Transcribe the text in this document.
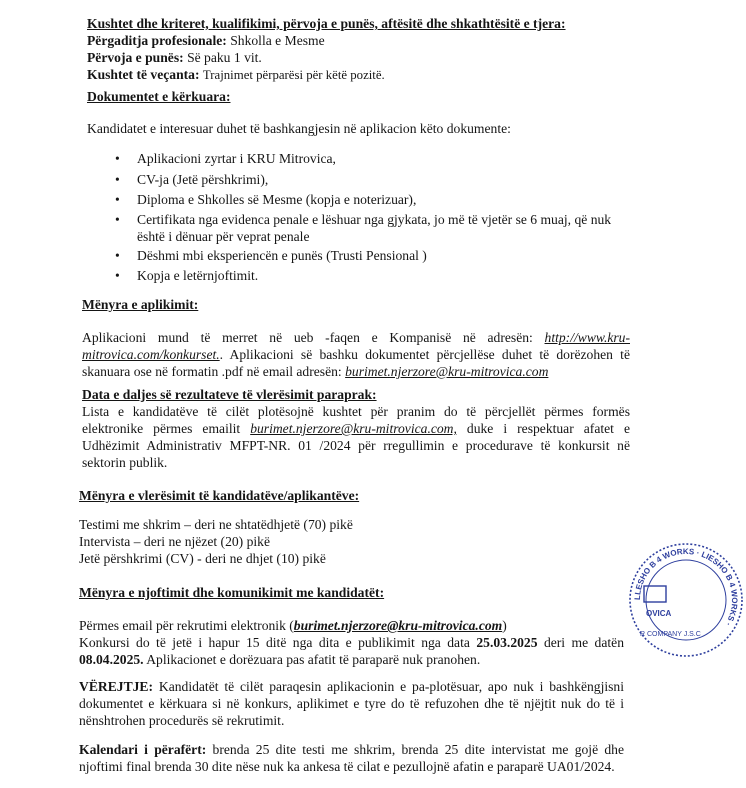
Kushtet dhe kriteret, kualifikimi, përvoja e punës, aftësitë dhe shkathtësitë e tjera:
Përgaditja profesionale: Shkolla e Mesme
Përvoja e punës: Së paku 1 vit.
Kushtet të veçanta: Trajnimet përparësi për këtë pozitë.
Dokumentet e kërkuara:
Kandidatet e interesuar duhet të bashkangjesin në aplikacion këto dokumente:
• Aplikacioni zyrtar i KRU Mitrovica,
• CV-ja (Jetë përshkrimi),
• Diploma e Shkolles së Mesme (kopja e noterizuar),
• Certifikata nga evidenca penale e lëshuar nga gjykata, jo më të vjetër se 6 muaj, që nuk
është i dënuar për veprat penale
• Dëshmi mbi eksperiencën e punës (Trusti Pensional )
• Kopja e letërnjoftimit.
Mënyra e aplikimit:
Aplikacioni mund të merret në ueb -faqen e Kompanisë në adresën: http://www.kru-
mitrovica.com/konkurset.. Aplikacioni së bashku dokumentet përcjellëse duhet të dorëzohen të
skanuara ose në formatin .pdf në email adresën: burimet.njerzore@kru-mitrovica.com
Data e daljes së rezultateve të vlerësimit paraprak:
Lista e kandidatëve të cilët plotësojnë kushtet për pranim do të përcjellët përmes formës
elektronike përmes emailit burimet.njerzore@kru-mitrovica.com, duke i respektuar afatet e
Udhëzimit Administrativ MFPT-NR. 01 /2024 për rregullimin e procedurave të konkursit në
sektorin publik.
Mënyra e vlerësimit të kandidatëve/aplikantëve:
Testimi me shkrim – deri ne shtatëdhjetë (70) pikë
Intervista – deri ne njëzet (20) pikë
Jetë përshkrimi (CV) - deri ne dhjet (10) pikë
Mënyra e njoftimit dhe komunikimit me kandidatët:
Përmes email për rekrutimi elektronik (burimet.njerzore@kru-mitrovica.com)
Konkursi do të jetë i hapur 15 ditë nga dita e publikimit nga data 25.03.2025 deri me datën
08.04.2025. Aplikacionet e dorëzuara pas afatit të paraparë nuk pranohen.
VËREJTJE: Kandidatët të cilët paraqesin aplikacionin e pa-plotësuar, apo nuk i bashkëngjisni
dokumentet e kërkuara si në konkurs, aplikimet e tyre do të refuzohen dhe të njëjtit nuk do të i
nënshtrohen procedurës së rekrutimit.
Kalendari i përafërt: brenda 25 dite testi me shkrim, brenda 25 dite intervistat me gojë dhe
njoftimi final brenda 30 dite nëse nuk ka ankesa të cilat e pezullojnë afatin e paraparë UA01/2024.
LLESHO B 4 WORKS · LIESHO B 4 WORKS ·
OVICA
R COMPANY J.S.C
